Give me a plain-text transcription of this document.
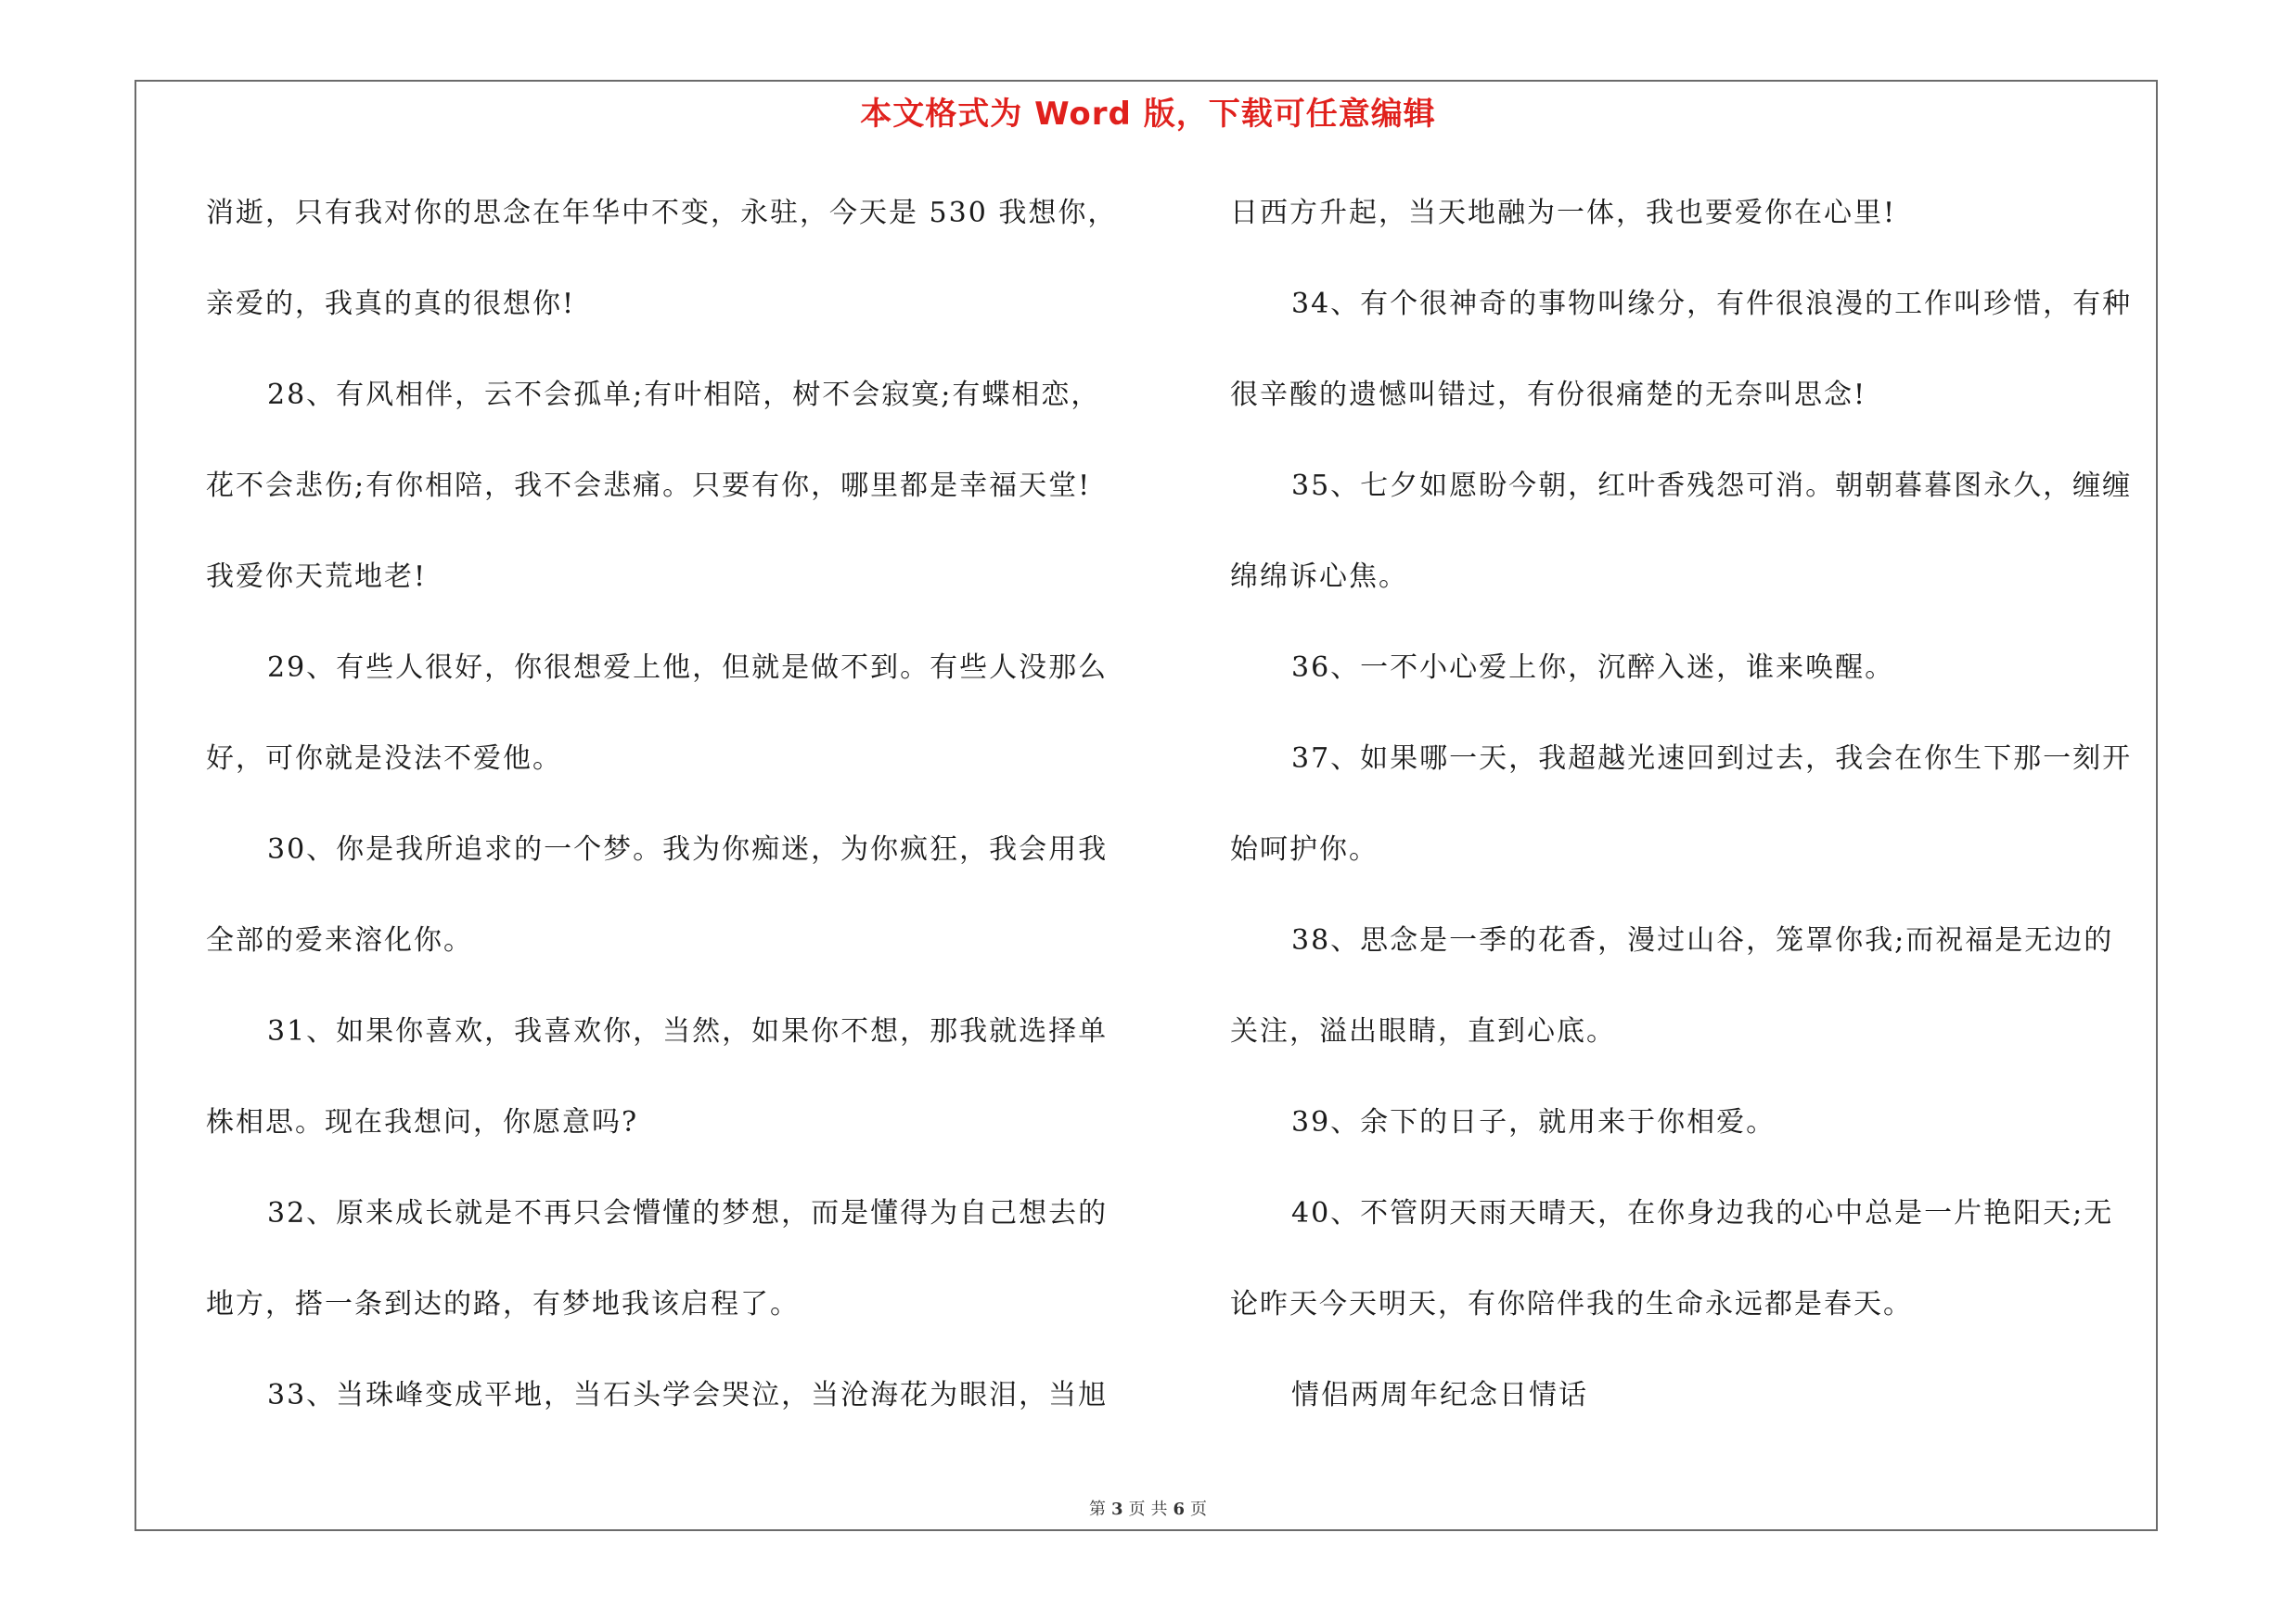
本文格式为 Word 版，下载可任意编辑
消逝，只有我对你的思念在年华中不变，永驻，今天是 530 我想你，
亲爱的，我真的真的很想你!
28、有风相伴，云不会孤单;有叶相陪，树不会寂寞;有蝶相恋，
花不会悲伤;有你相陪，我不会悲痛。只要有你，哪里都是幸福天堂!
我爱你天荒地老!
29、有些人很好，你很想爱上他，但就是做不到。有些人没那么
好，可你就是没法不爱他。
30、你是我所追求的一个梦。我为你痴迷，为你疯狂，我会用我
全部的爱来溶化你。
31、如果你喜欢，我喜欢你，当然，如果你不想，那我就选择单
株相思。现在我想问，你愿意吗?
32、原来成长就是不再只会懵懂的梦想，而是懂得为自己想去的
地方，搭一条到达的路，有梦地我该启程了。
33、当珠峰变成平地，当石头学会哭泣，当沧海花为眼泪，当旭
日西方升起，当天地融为一体，我也要爱你在心里!
34、有个很神奇的事物叫缘分，有件很浪漫的工作叫珍惜，有种
很辛酸的遗憾叫错过，有份很痛楚的无奈叫思念!
35、七夕如愿盼今朝，红叶香残怨可消。朝朝暮暮图永久，缠缠
绵绵诉心焦。
36、一不小心爱上你，沉醉入迷，谁来唤醒。
37、如果哪一天，我超越光速回到过去，我会在你生下那一刻开
始呵护你。
38、思念是一季的花香，漫过山谷，笼罩你我;而祝福是无边的
关注，溢出眼睛，直到心底。
39、余下的日子，就用来于你相爱。
40、不管阴天雨天晴天，在你身边我的心中总是一片艳阳天;无
论昨天今天明天，有你陪伴我的生命永远都是春天。
情侣两周年纪念日情话
第 3 页 共 6 页
